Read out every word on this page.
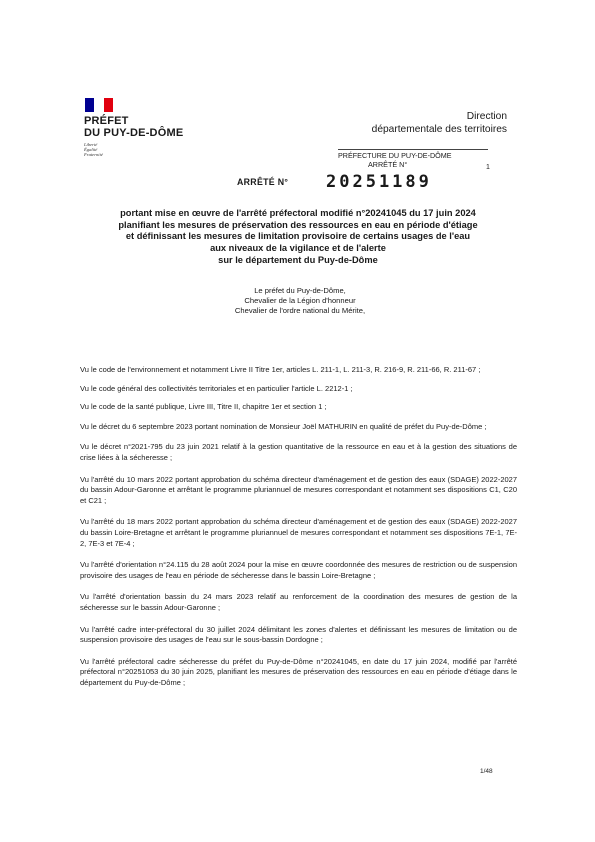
PRÉFET
DU PUY-DE-DÔME
Liberté
Égalité
Fraternité
Direction
départementale des territoires
PRÉFECTURE DU PUY-DE-DÔME
ARRÊTÉ N°	1
ARRÊTÉ N° 20251189
portant mise en œuvre de l'arrêté préfectoral modifié n°20241045 du 17 juin 2024
planifiant les mesures de préservation des ressources en eau en période d'étiage
et définissant les mesures de limitation provisoire de certains usages de l'eau
aux niveaux de la vigilance et de l'alerte
sur le département du Puy-de-Dôme
Le préfet du Puy-de-Dôme,
Chevalier de la Légion d'honneur
Chevalier de l'ordre national du Mérite,

Vu le code de l'environnement et notamment Livre II Titre 1er, articles L. 211-1, L. 211-3, R. 216-9, R. 211-66, R. 211-67 ;

Vu le code général des collectivités territoriales et en particulier l'article L. 2212-1 ;

Vu le code de la santé publique, Livre III, Titre II, chapitre 1er et section 1 ;

Vu le décret du 6 septembre 2023 portant nomination de Monsieur Joël MATHURIN en qualité de préfet du Puy-de-Dôme ;

Vu le décret n°2021-795 du 23 juin 2021 relatif à la gestion quantitative de la ressource en eau et à la gestion des situations de crise liées à la sécheresse ;

Vu l'arrêté du 10 mars 2022 portant approbation du schéma directeur d'aménagement et de gestion des eaux (SDAGE) 2022-2027 du bassin Adour-Garonne et arrêtant le programme pluriannuel de mesures correspondant et notamment ses dispositions C1, C20 et C21 ;

Vu l'arrêté du 18 mars 2022 portant approbation du schéma directeur d'aménagement et de gestion des eaux (SDAGE) 2022-2027 du bassin Loire-Bretagne et arrêtant le programme pluriannuel de mesures correspondant et notamment ses dispositions 7E-1, 7E-2, 7E-3 et 7E-4 ;

Vu l'arrêté d'orientation n°24.115 du 28 août 2024 pour la mise en œuvre coordonnée des mesures de restriction ou de suspension provisoire des usages de l'eau en période de sécheresse dans le bassin Loire-Bretagne ;

Vu l'arrêté d'orientation bassin du 24 mars 2023 relatif au renforcement de la coordination des mesures de gestion de la sécheresse sur le bassin Adour-Garonne ;

Vu l'arrêté cadre inter-préfectoral du 30 juillet 2024 délimitant les zones d'alertes et définissant les mesures de limitation ou de suspension provisoire des usages de l'eau sur le sous-bassin Dordogne ;

Vu l'arrêté préfectoral cadre sécheresse du préfet du Puy-de-Dôme n°20241045, en date du 17 juin 2024, modifié par l'arrêté préfectoral n°20251053 du 30 juin 2025, planifiant les mesures de préservation des ressources en eau en période d'étiage dans le département du Puy-de-Dôme ;

1/48
